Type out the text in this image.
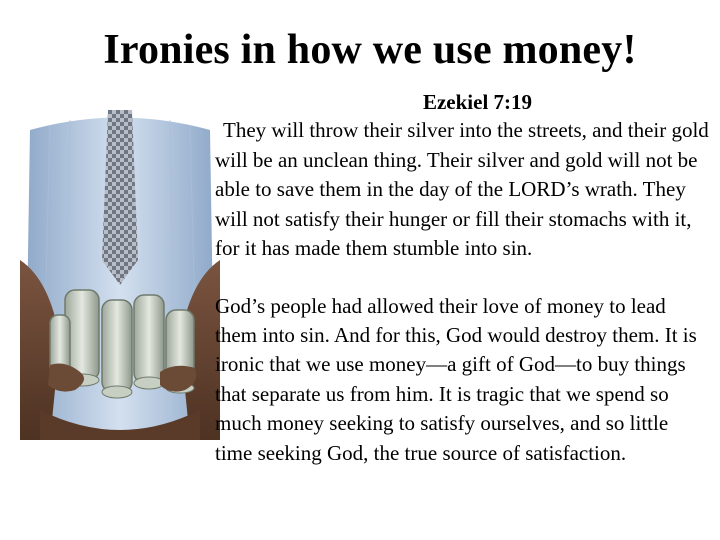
Ironies in how we use money!

Ezekiel 7:19

They will throw their silver into the streets, and their gold will be an unclean thing. Their silver and gold will not be able to save them in the day of the LORD’s wrath. They will not satisfy their hunger or fill their stomachs with it, for it has made them stumble into sin.

God’s people had allowed their love of money to lead them into sin. And for this, God would destroy them. It is ironic that we use money—a gift of God—to buy things that separate us from him. It is tragic that we spend so much money seeking to satisfy ourselves, and so little time seeking God, the true source of satisfaction.
